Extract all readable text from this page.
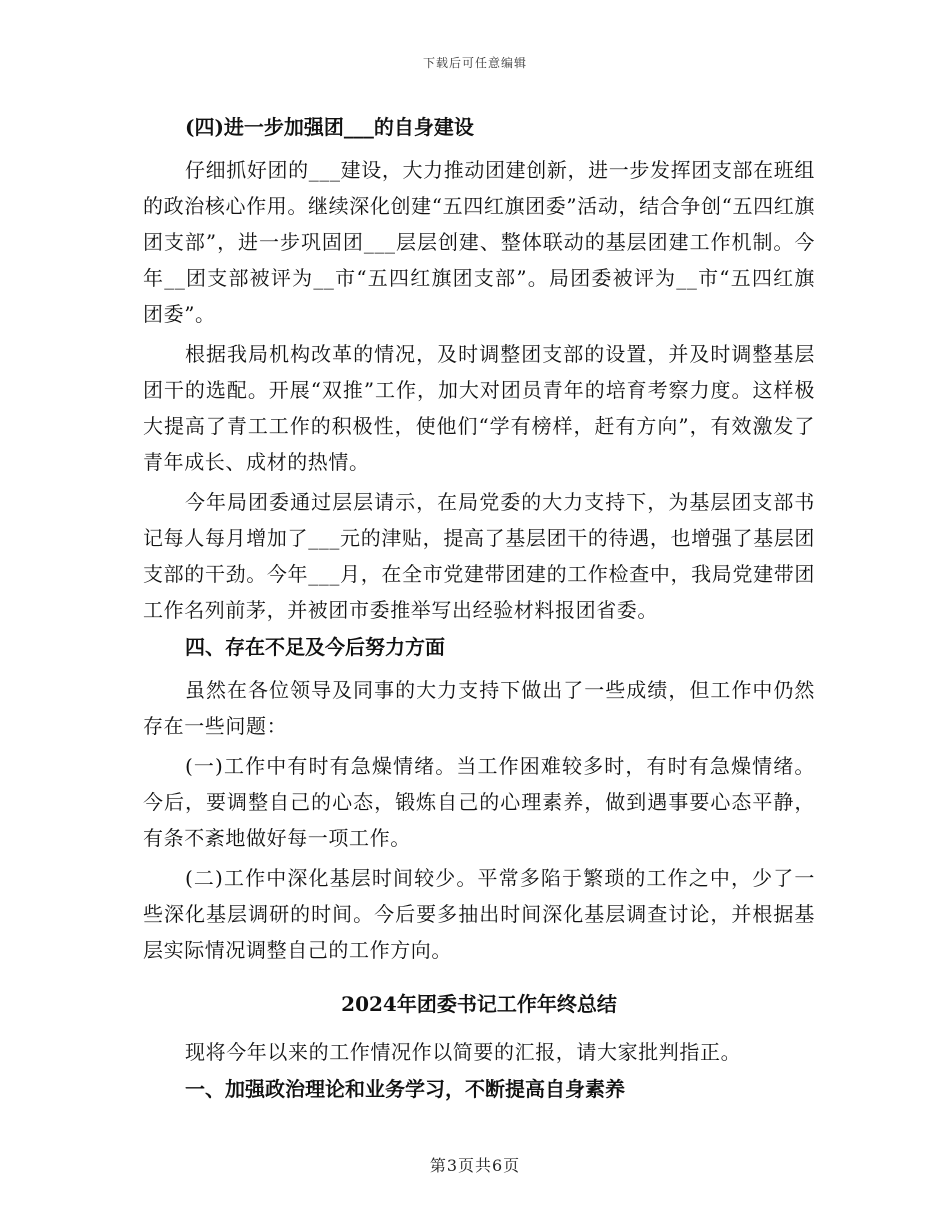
下载后可任意编辑
(四)进一步加强团___的自身建设

仔细抓好团的___建设，大力推动团建创新，进一步发挥团支部在班组的政治核心作用。继续深化创建“五四红旗团委”活动，结合争创“五四红旗团支部”，进一步巩固团___层层创建、整体联动的基层团建工作机制。今年__团支部被评为__市“五四红旗团支部”。局团委被评为__市“五四红旗团委”。

根据我局机构改革的情况，及时调整团支部的设置，并及时调整基层团干的选配。开展“双推”工作，加大对团员青年的培育考察力度。这样极大提高了青工工作的积极性，使他们“学有榜样，赶有方向”，有效激发了青年成长、成材的热情。

今年局团委通过层层请示，在局党委的大力支持下，为基层团支部书记每人每月增加了___元的津贴，提高了基层团干的待遇，也增强了基层团支部的干劲。今年___月，在全市党建带团建的工作检查中，我局党建带团工作名列前茅，并被团市委推举写出经验材料报团省委。

四、存在不足及今后努力方面

虽然在各位领导及同事的大力支持下做出了一些成绩，但工作中仍然存在一些问题：

(一)工作中有时有急燥情绪。当工作困难较多时，有时有急燥情绪。今后，要调整自己的心态，锻炼自己的心理素养，做到遇事要心态平静，有条不紊地做好每一项工作。

(二)工作中深化基层时间较少。平常多陷于繁琐的工作之中，少了一些深化基层调研的时间。今后要多抽出时间深化基层调查讨论，并根据基层实际情况调整自己的工作方向。

2024年团委书记工作年终总结

现将今年以来的工作情况作以简要的汇报，请大家批判指正。

一、加强政治理论和业务学习，不断提高自身素养
第3页共6页
